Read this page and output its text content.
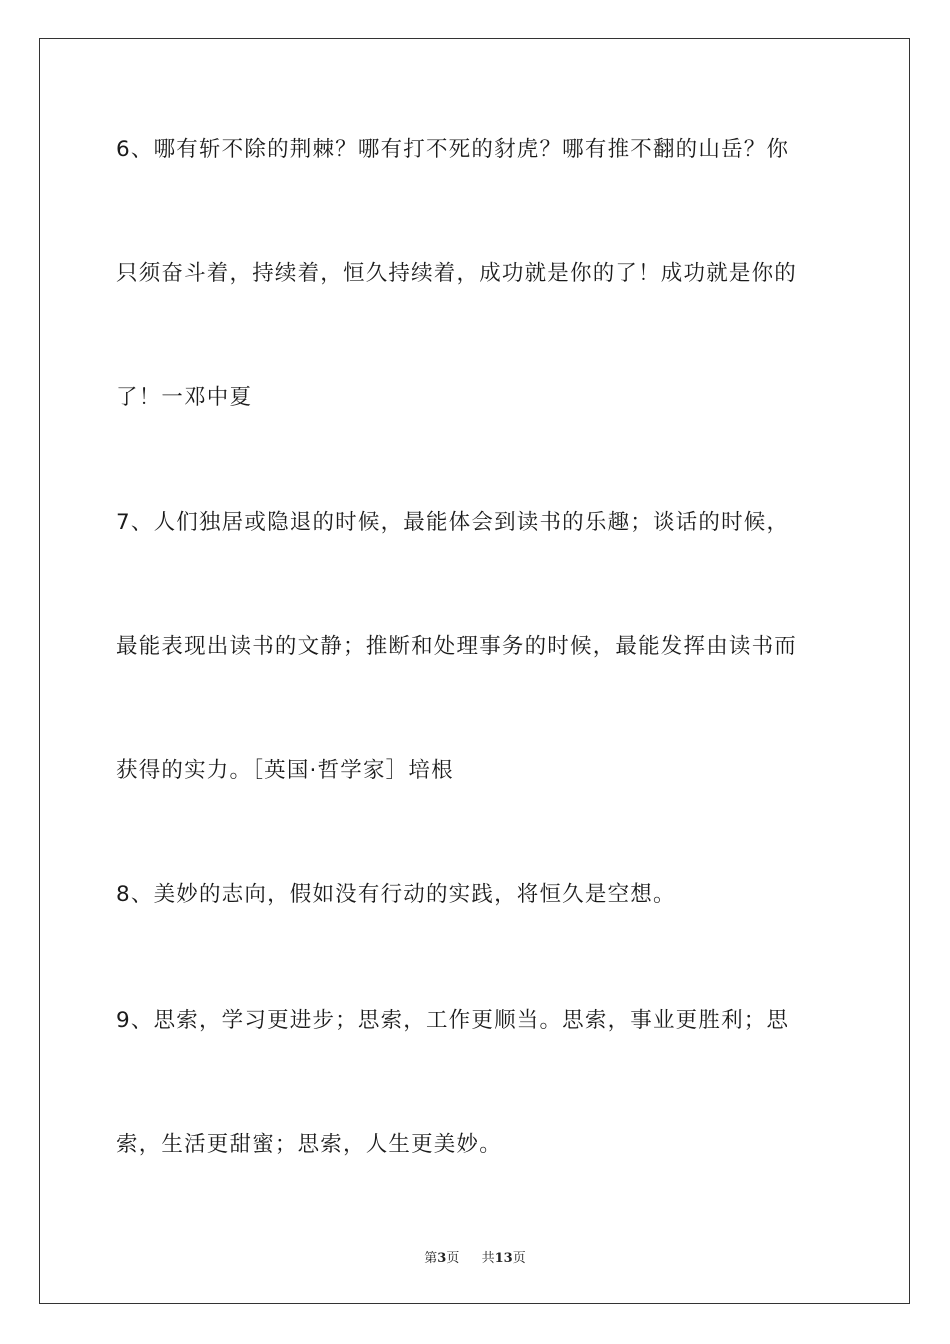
6、哪有斩不除的荆棘？哪有打不死的豺虎？哪有推不翻的山岳？你
只须奋斗着，持续着，恒久持续着，成功就是你的了！成功就是你的
了！一邓中夏
7、人们独居或隐退的时候，最能体会到读书的乐趣；谈话的时候，
最能表现出读书的文静；推断和处理事务的时候，最能发挥由读书而
获得的实力。［英国·哲学家］培根
8、美妙的志向，假如没有行动的实践，将恒久是空想。
9、思索，学习更进步；思索，工作更顺当。思索，事业更胜利；思
索，生活更甜蜜；思索，人生更美妙。
第3页 共13页
